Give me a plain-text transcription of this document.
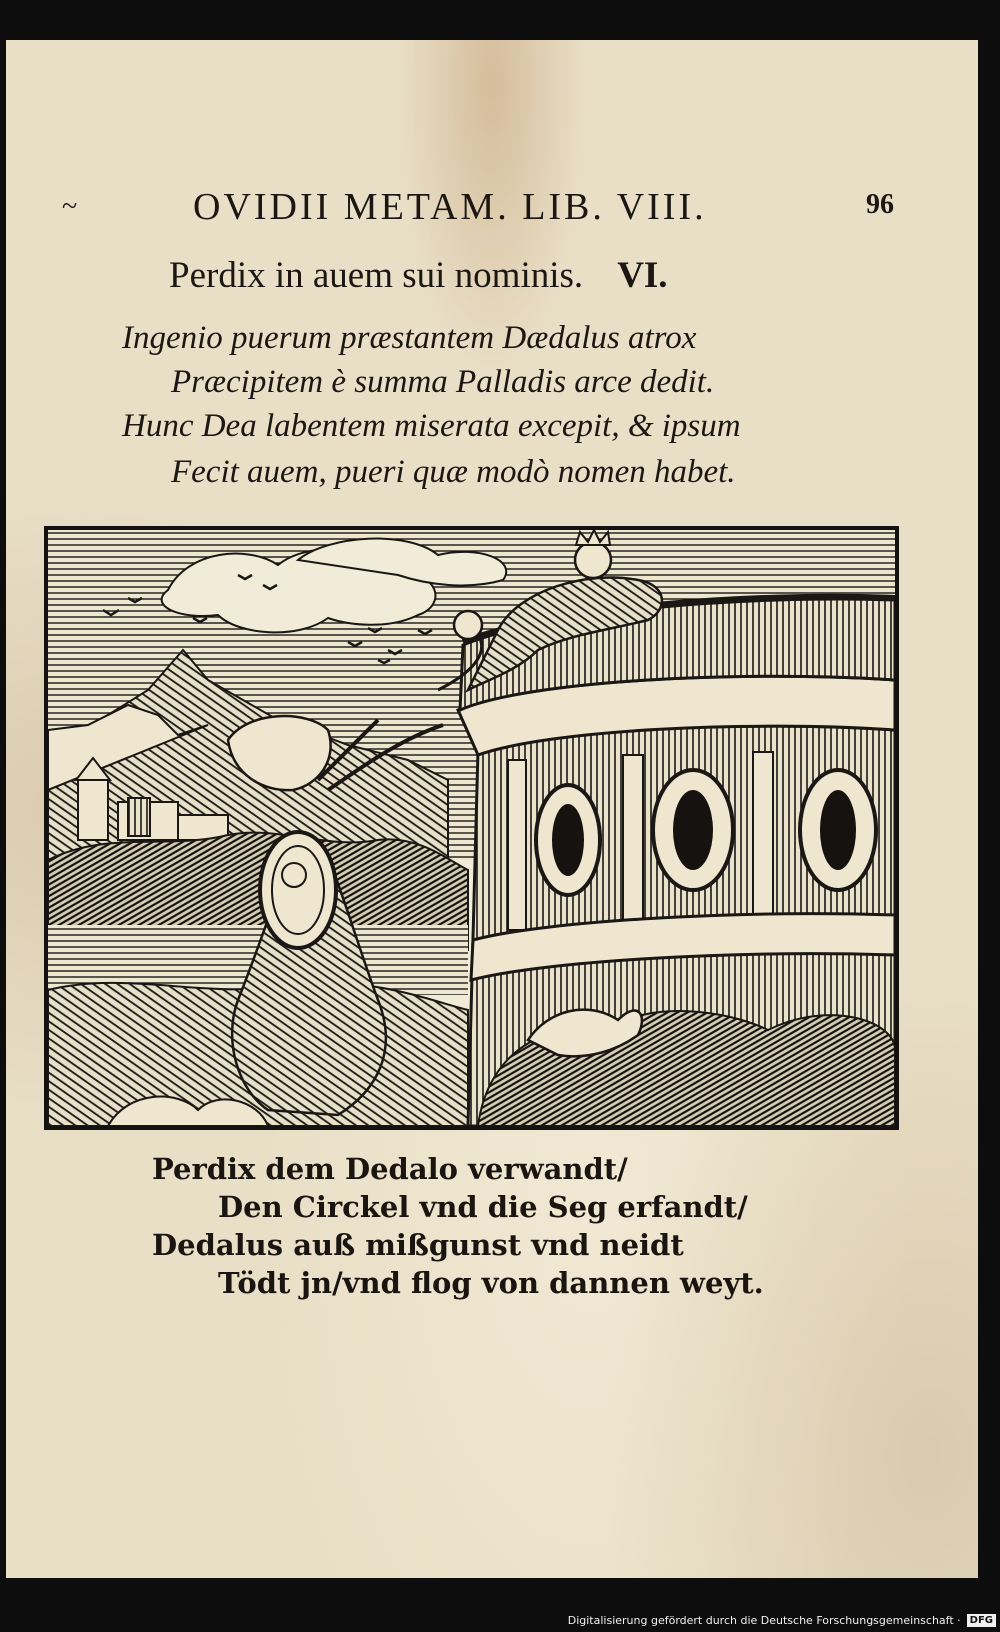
~	OVIDII METAM. LIB. VIII.	96
Perdix in auem sui nominis. VI.
Ingenio puerum præstantem Dædalus atrox
Præcipitem è summa Palladis arce dedit.
Hunc Dea labentem miserata excepit, & ipsum
Fecit auem, pueri quæ modò nomen habet.
Perdix dem Dedalo verwandt/
Den Circkel vnd die Seg erfandt/
Dedalus auß mißgunst vnd neidt
Tödt jn/vnd flog von dannen weyt.
Digitalisierung gefördert durch die Deutsche Forschungsgemeinschaft · DFG
